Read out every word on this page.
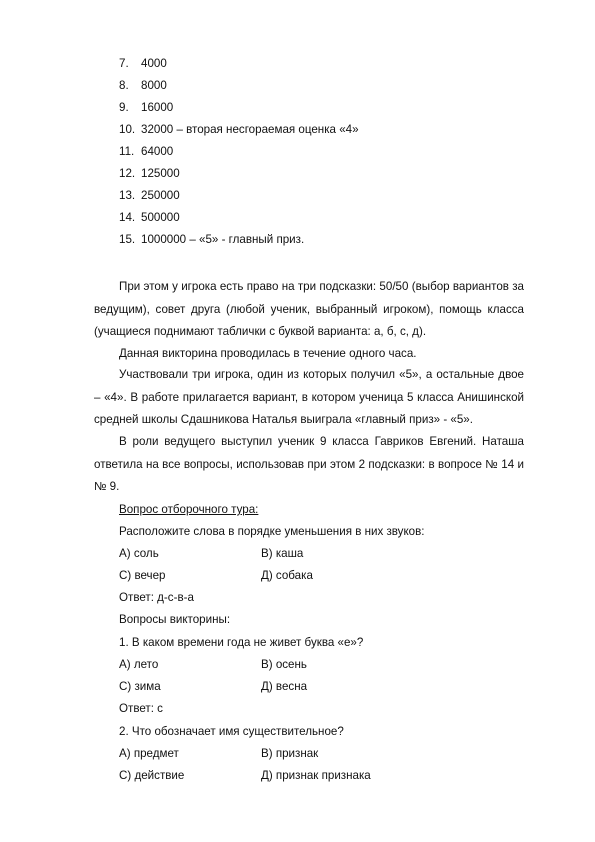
7. 4000
8. 8000
9. 16000
10. 32000 – вторая несгораемая оценка «4»
11. 64000
12. 125000
13. 250000
14. 500000
15. 1000000 – «5» - главный приз.
При этом у игрока есть право на три подсказки: 50/50 (выбор вариантов за ведущим), совет друга (любой ученик, выбранный игроком), помощь класса (учащиеся поднимают таблички с буквой варианта: а, б, с, д).
Данная викторина проводилась в течение одного часа.
Участвовали три игрока, один из которых получил «5», а остальные двое – «4». В работе прилагается вариант, в котором ученица 5 класса Анишинской средней школы Сдашникова Наталья выиграла «главный приз» - «5».
В роли ведущего выступил ученик 9 класса Гавриков Евгений. Наташа ответила на все вопросы, использовав при этом 2 подсказки: в вопросе № 14 и № 9.
Вопрос отборочного тура:
Расположите слова в порядке уменьшения в них звуков:
А) соль	В) каша
С) вечер	Д) собака
Ответ: д-с-в-а
Вопросы викторины:
1. В каком времени года не живет буква «е»?
А) лето	В) осень
С) зима	Д) весна
Ответ: с
2. Что обозначает имя существительное?
А) предмет	В) признак
С) действие	Д) признак признака
